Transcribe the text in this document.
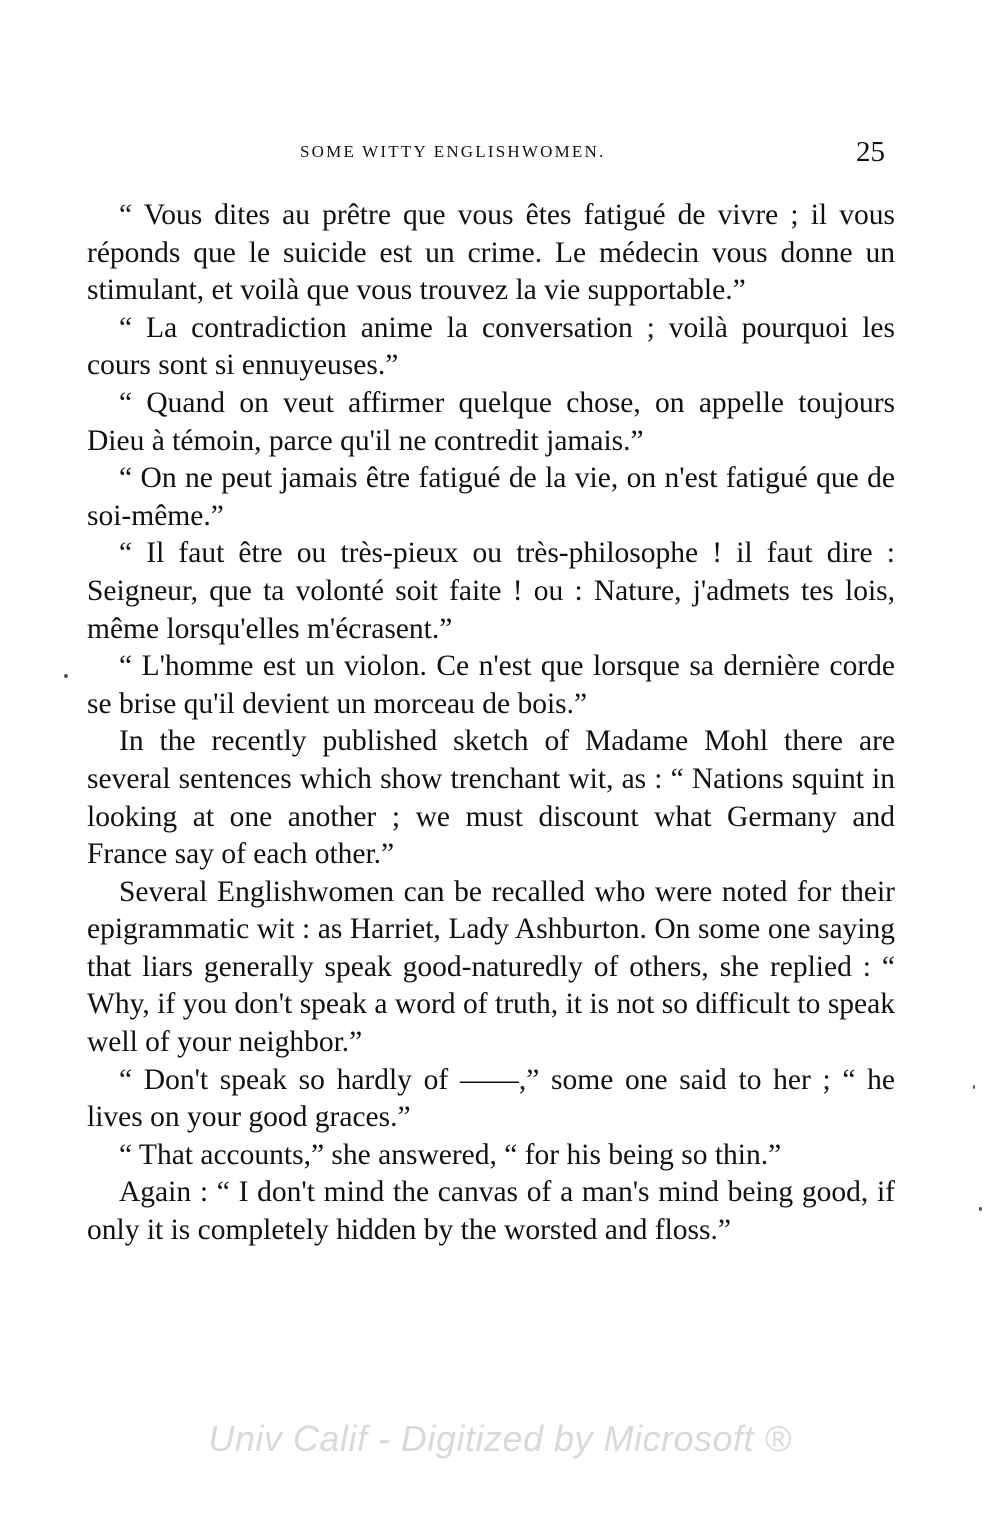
SOME WITTY ENGLISHWOMEN.	25

“ Vous dites au prêtre que vous êtes fatigué de vivre ; il vous réponds que le suicide est un crime. Le médecin vous donne un stimulant, et voilà que vous trouvez la vie supportable.”

“ La contradiction anime la conversation ; voilà pourquoi les cours sont si ennuyeuses.”

“ Quand on veut affirmer quelque chose, on appelle toujours Dieu à témoin, parce qu'il ne contredit jamais.”

“ On ne peut jamais être fatigué de la vie, on n'est fatigué que de soi-même.”

“ Il faut être ou très-pieux ou très-philosophe ! il faut dire : Seigneur, que ta volonté soit faite ! ou : Nature, j'admets tes lois, même lorsqu'elles m'écrasent.”

“ L'homme est un violon. Ce n'est que lorsque sa dernière corde se brise qu'il devient un morceau de bois.”

In the recently published sketch of Madame Mohl there are several sentences which show trenchant wit, as : “ Nations squint in looking at one another ; we must discount what Germany and France say of each other.”

Several Englishwomen can be recalled who were noted for their epigrammatic wit : as Harriet, Lady Ashburton. On some one saying that liars generally speak good-naturedly of others, she replied : “ Why, if you don't speak a word of truth, it is not so difficult to speak well of your neighbor.”

“ Don't speak so hardly of ——,” some one said to her ; “ he lives on your good graces.”

“ That accounts,” she answered, “ for his being so thin.”

Again : “ I don't mind the canvas of a man's mind being good, if only it is completely hidden by the worsted and floss.”

Univ Calif - Digitized by Microsoft ®
